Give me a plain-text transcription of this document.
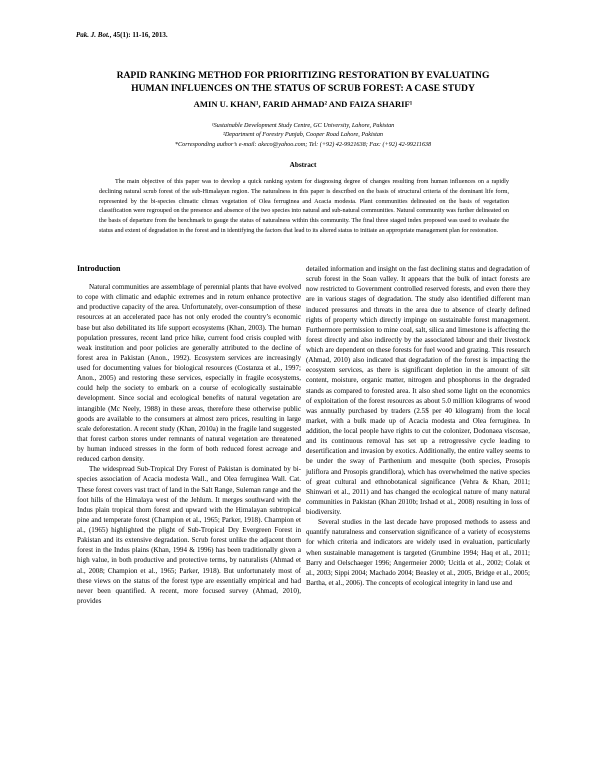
Pak. J. Bot., 45(1): 11-16, 2013.
RAPID RANKING METHOD FOR PRIORITIZING RESTORATION BY EVALUATING
HUMAN INFLUENCES ON THE STATUS OF SCRUB FOREST: A CASE STUDY
AMIN U. KHAN¹, FARID AHMAD² AND FAIZA SHARIF¹
¹Sustainable Development Study Centre, GC University, Lahore, Pakistan
²Department of Forestry Punjab, Cooper Road Lahore, Pakistan
*Corresponding author’s e-mail: akeco@yahoo.com; Tel: (+92) 42-9921638; Fax: (+92) 42-99211638
Abstract

The main objective of this paper was to develop a quick ranking system for diagnosing degree of changes resulting from human influences on a rapidly declining natural scrub forest of the sub-Himalayan region. The naturalness in this paper is described on the basis of structural criteria of the dominant life form, represented by the bi-species climatic climax vegetation of Olea ferruginea and Acacia modesta. Plant communities delineated on the basis of vegetation classification were regrouped on the presence and absence of the two species into natural and sub-natural communities. Natural community was further delineated on the basis of departure from the benchmark to gauge the status of naturalness within this community. The final three staged index proposed was used to evaluate the status and extent of degradation in the forest and in identifying the factors that lead to its altered status to initiate an appropriate management plan for restoration.

Introduction

Natural communities are assemblage of perennial plants that have evolved to cope with climatic and edaphic extremes and in return enhance protective and productive capacity of the area. Unfortunately, over-consumption of these resources at an accelerated pace has not only eroded the country’s economic base but also debilitated its life support ecosystems (Khan, 2003). The human population pressures, recent land price hike, current food crisis coupled with weak institution and poor policies are generally attributed to the decline of forest area in Pakistan (Anon., 1992). Ecosystem services are increasingly used for documenting values for biological resources (Costanza et al., 1997; Anon., 2005) and restoring these services, especially in fragile ecosystems, could help the society to embark on a course of ecologically sustainable development. Since social and ecological benefits of natural vegetation are intangible (Mc Neely, 1988) in these areas, therefore these otherwise public goods are available to the consumers at almost zero prices, resulting in large scale deforestation. A recent study (Khan, 2010a) in the fragile land suggested that forest carbon stores under remnants of natural vegetation are threatened by human induced stresses in the form of both reduced forest acreage and reduced carbon density.

The widespread Sub-Tropical Dry Forest of Pakistan is dominated by bi-species association of Acacia modesta Wall., and Olea ferruginea Wall. Cat. These forest covers vast tract of land in the Salt Range, Suleman range and the foot hills of the Himalaya west of the Jehlum. It merges southward with the Indus plain tropical thorn forest and upward with the Himalayan subtropical pine and temperate forest (Champion et al., 1965; Parker, 1918). Champion et al., (1965) highlighted the plight of Sub-Tropical Dry Evergreen Forest in Pakistan and its extensive degradation. Scrub forest unlike the adjacent thorn forest in the Indus plains (Khan, 1994 & 1996) has been traditionally given a high value, in both productive and protective terms, by naturalists (Ahmad et al., 2008; Champion et al., 1965; Parker, 1918). But unfortunately most of these views on the status of the forest type are essentially empirical and had never been quantified. A recent, more focused survey (Ahmad, 2010), provides

detailed information and insight on the fast declining status and degradation of scrub forest in the Soan valley. It appears that the bulk of intact forests are now restricted to Government controlled reserved forests, and even there they are in various stages of degradation. The study also identified different man induced pressures and threats in the area due to absence of clearly defined rights of property which directly impinge on sustainable forest management. Furthermore permission to mine coal, salt, silica and limestone is affecting the forest directly and also indirectly by the associated labour and their livestock which are dependent on these forests for fuel wood and grazing. This research (Ahmad, 2010) also indicated that degradation of the forest is impacting the ecosystem services, as there is significant depletion in the amount of silt content, moisture, organic matter, nitrogen and phosphorus in the degraded stands as compared to forested area. It also shed some light on the economics of exploitation of the forest resources as about 5.0 million kilograms of wood was annually purchased by traders (2.5$ per 40 kilogram) from the local market, with a bulk made up of Acacia modesta and Olea ferruginea. In addition, the local people have rights to cut the colonizer, Dodonaea viscosae, and its continuous removal has set up a retrogressive cycle leading to desertification and invasion by exotics. Additionally, the entire valley seems to be under the sway of Parthenium and mesquite (both species, Prosopis juliflora and Prosopis grandiflora), which has overwhelmed the native species of great cultural and ethnobotanical significance (Vehra & Khan, 2011; Shinwari et al., 2011) and has changed the ecological nature of many natural communities in Pakistan (Khan 2010b; Irshad et al., 2008) resulting in loss of biodiversity.

Several studies in the last decade have proposed methods to assess and quantify naturalness and conservation significance of a variety of ecosystems for which criteria and indicators are widely used in evaluation, particularly when sustainable management is targeted (Grumbine 1994; Haq et al., 2011; Barry and Oelschaeger 1996; Angermeier 2000; Ucitla et al., 2002; Colak et al., 2003; Sippi 2004; Machado 2004; Beasley et al., 2005, Bridge et al., 2005; Bartha, et al., 2006). The concepts of ecological integrity in land use and
